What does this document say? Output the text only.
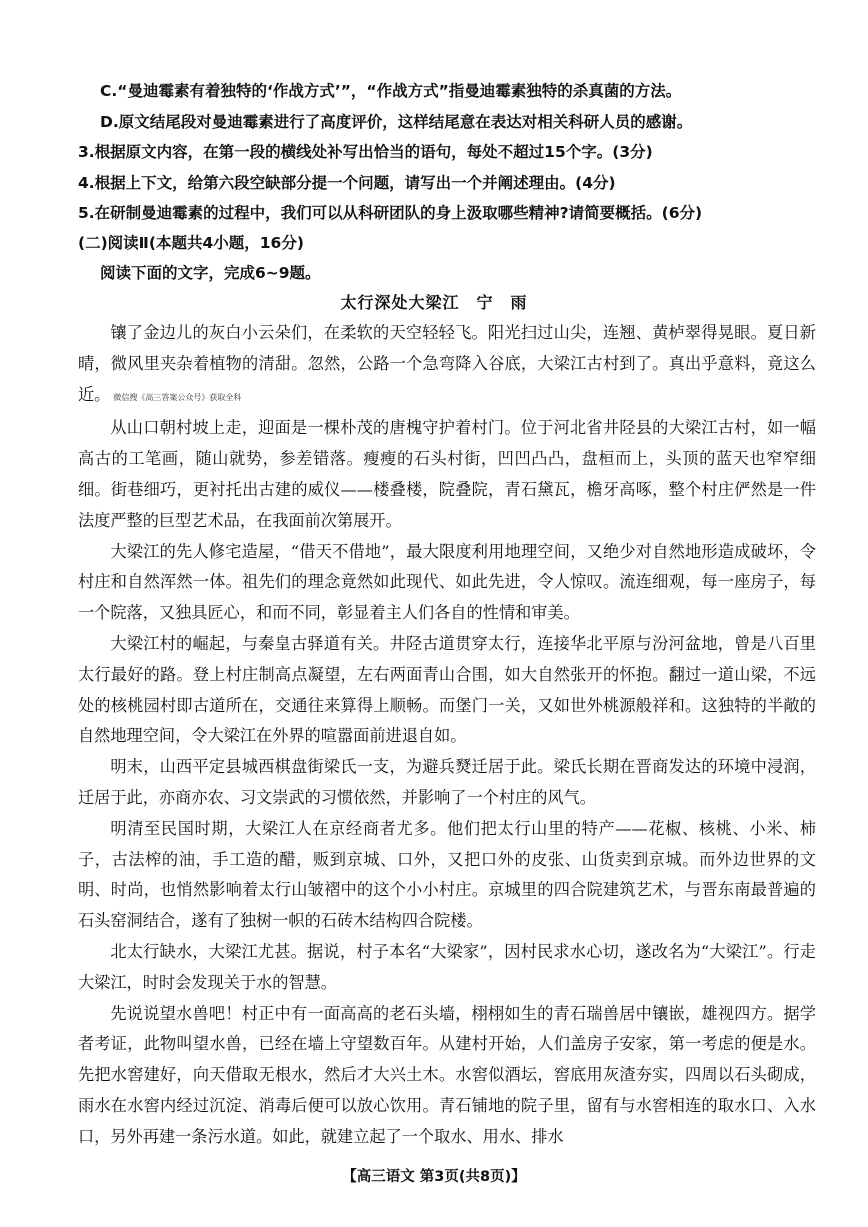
C.“曼迪霉素有着独特的‘作战方式’”，“作战方式”指曼迪霉素独特的杀真菌的方法。
D.原文结尾段对曼迪霉素进行了高度评价，这样结尾意在表达对相关科研人员的感谢。
3.根据原文内容，在第一段的横线处补写出恰当的语句，每处不超过15个字。(3分)
4.根据上下文，给第六段空缺部分提一个问题，请写出一个并阐述理由。(4分)
5.在研制曼迪霉素的过程中，我们可以从科研团队的身上汲取哪些精神?请简要概括。(6分)
(二)阅读Ⅱ(本题共4小题，16分)
阅读下面的文字，完成6~9题。
太行深处大梁江　宁　雨

镶了金边儿的灰白小云朵们，在柔软的天空轻轻飞。阳光扫过山尖，连翘、黄栌翠得晃眼。夏日新晴，微风里夹杂着植物的清甜。忽然，公路一个急弯降入谷底，大梁江古村到了。真出乎意料，竟这么近。 微信搜《高三答案公众号》获取全科

从山口朝村坡上走，迎面是一棵朴茂的唐槐守护着村门。位于河北省井陉县的大梁江古村，如一幅高古的工笔画，随山就势，参差错落。瘦瘦的石头村街，凹凹凸凸，盘桓而上，头顶的蓝天也窄窄细细。街巷细巧，更衬托出古建的威仪——楼叠楼，院叠院，青石黛瓦，檐牙高啄，整个村庄俨然是一件法度严整的巨型艺术品，在我面前次第展开。

大梁江的先人修宅造屋，“借天不借地”，最大限度利用地理空间，又绝少对自然地形造成破坏，令村庄和自然浑然一体。祖先们的理念竟然如此现代、如此先进，令人惊叹。流连细观，每一座房子，每一个院落，又独具匠心，和而不同，彰显着主人们各自的性情和审美。

大梁江村的崛起，与秦皇古驿道有关。井陉古道贯穿太行，连接华北平原与汾河盆地，曾是八百里太行最好的路。登上村庄制高点凝望，左右两面青山合围，如大自然张开的怀抱。翻过一道山梁，不远处的核桃园村即古道所在，交通往来算得上顺畅。而堡门一关，又如世外桃源般祥和。这独特的半敞的自然地理空间，令大梁江在外界的喧嚣面前进退自如。

明末，山西平定县城西棋盘街梁氏一支，为避兵燹迁居于此。梁氏长期在晋商发达的环境中浸润，迁居于此，亦商亦农、习文崇武的习惯依然，并影响了一个村庄的风气。

明清至民国时期，大梁江人在京经商者尤多。他们把太行山里的特产——花椒、核桃、小米、柿子，古法榨的油，手工造的醋，贩到京城、口外，又把口外的皮张、山货卖到京城。而外边世界的文明、时尚，也悄然影响着太行山皱褶中的这个小小村庄。京城里的四合院建筑艺术，与晋东南最普遍的石头窑洞结合，遂有了独树一帜的石砖木结构四合院楼。

北太行缺水，大梁江尤甚。据说，村子本名“大梁家”，因村民求水心切，遂改名为“大梁江”。行走大梁江，时时会发现关于水的智慧。

先说说望水兽吧！村正中有一面高高的老石头墙，栩栩如生的青石瑞兽居中镶嵌，雄视四方。据学者考证，此物叫望水兽，已经在墙上守望数百年。从建村开始，人们盖房子安家，第一考虑的便是水。先把水窖建好，向天借取无根水，然后才大兴土木。水窖似酒坛，窖底用灰渣夯实，四周以石头砌成，雨水在水窖内经过沉淀、消毒后便可以放心饮用。青石铺地的院子里，留有与水窖相连的取水口、入水口，另外再建一条污水道。如此，就建立起了一个取水、用水、排水

【高三语文 第3页(共8页)】
